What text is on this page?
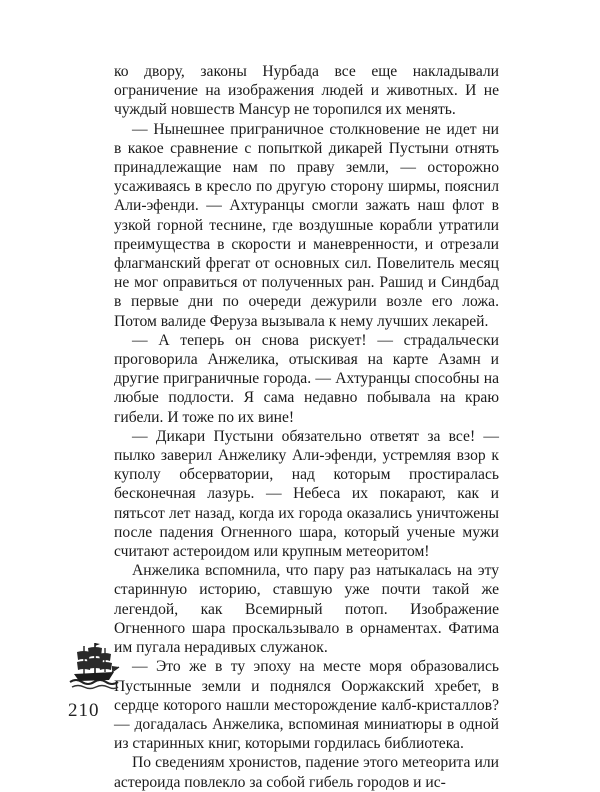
ко двору, законы Нурбада все еще накладывали ограничение на изображения людей и животных. И не чуждый новшеств Мансур не торопился их менять.

— Нынешнее приграничное столкновение не идет ни в какое сравнение с попыткой дикарей Пустыни отнять принадлежащие нам по праву земли, — осторожно усаживаясь в кресло по другую сторону ширмы, пояснил Али-эфенди. — Ахтуранцы смогли зажать наш флот в узкой горной теснине, где воздушные корабли утратили преимущества в скорости и маневренности, и отрезали флагманский фрегат от основных сил. Повелитель месяц не мог оправиться от полученных ран. Рашид и Синдбад в первые дни по очереди дежурили возле его ложа. Потом валиде Феруза вызывала к нему лучших лекарей.

— А теперь он снова рискует! — страдальчески проговорила Анжелика, отыскивая на карте Азамн и другие приграничные города. — Ахтуранцы способны на любые подлости. Я сама недавно побывала на краю гибели. И тоже по их вине!

— Дикари Пустыни обязательно ответят за все! — пылко заверил Анжелику Али-эфенди, устремляя взор к куполу обсерватории, над которым простиралась бесконечная лазурь. — Небеса их покарают, как и пятьсот лет назад, когда их города оказались уничтожены после падения Огненного шара, который ученые мужи считают астероидом или крупным метеоритом!

Анжелика вспомнила, что пару раз натыкалась на эту старинную историю, ставшую уже почти такой же легендой, как Всемирный потоп. Изображение Огненного шара проскальзывало в орнаментах. Фатима им пугала нерадивых служанок.

— Это же в ту эпоху на месте моря образовались Пустынные земли и поднялся Ооржакский хребет, в сердце которого нашли месторождение калб-кристаллов? — догадалась Анжелика, вспоминая миниатюры в одной из старинных книг, которыми гордилась библиотека.

По сведениям хронистов, падение этого метеорита или астероида повлекло за собой гибель городов и ис-

210
